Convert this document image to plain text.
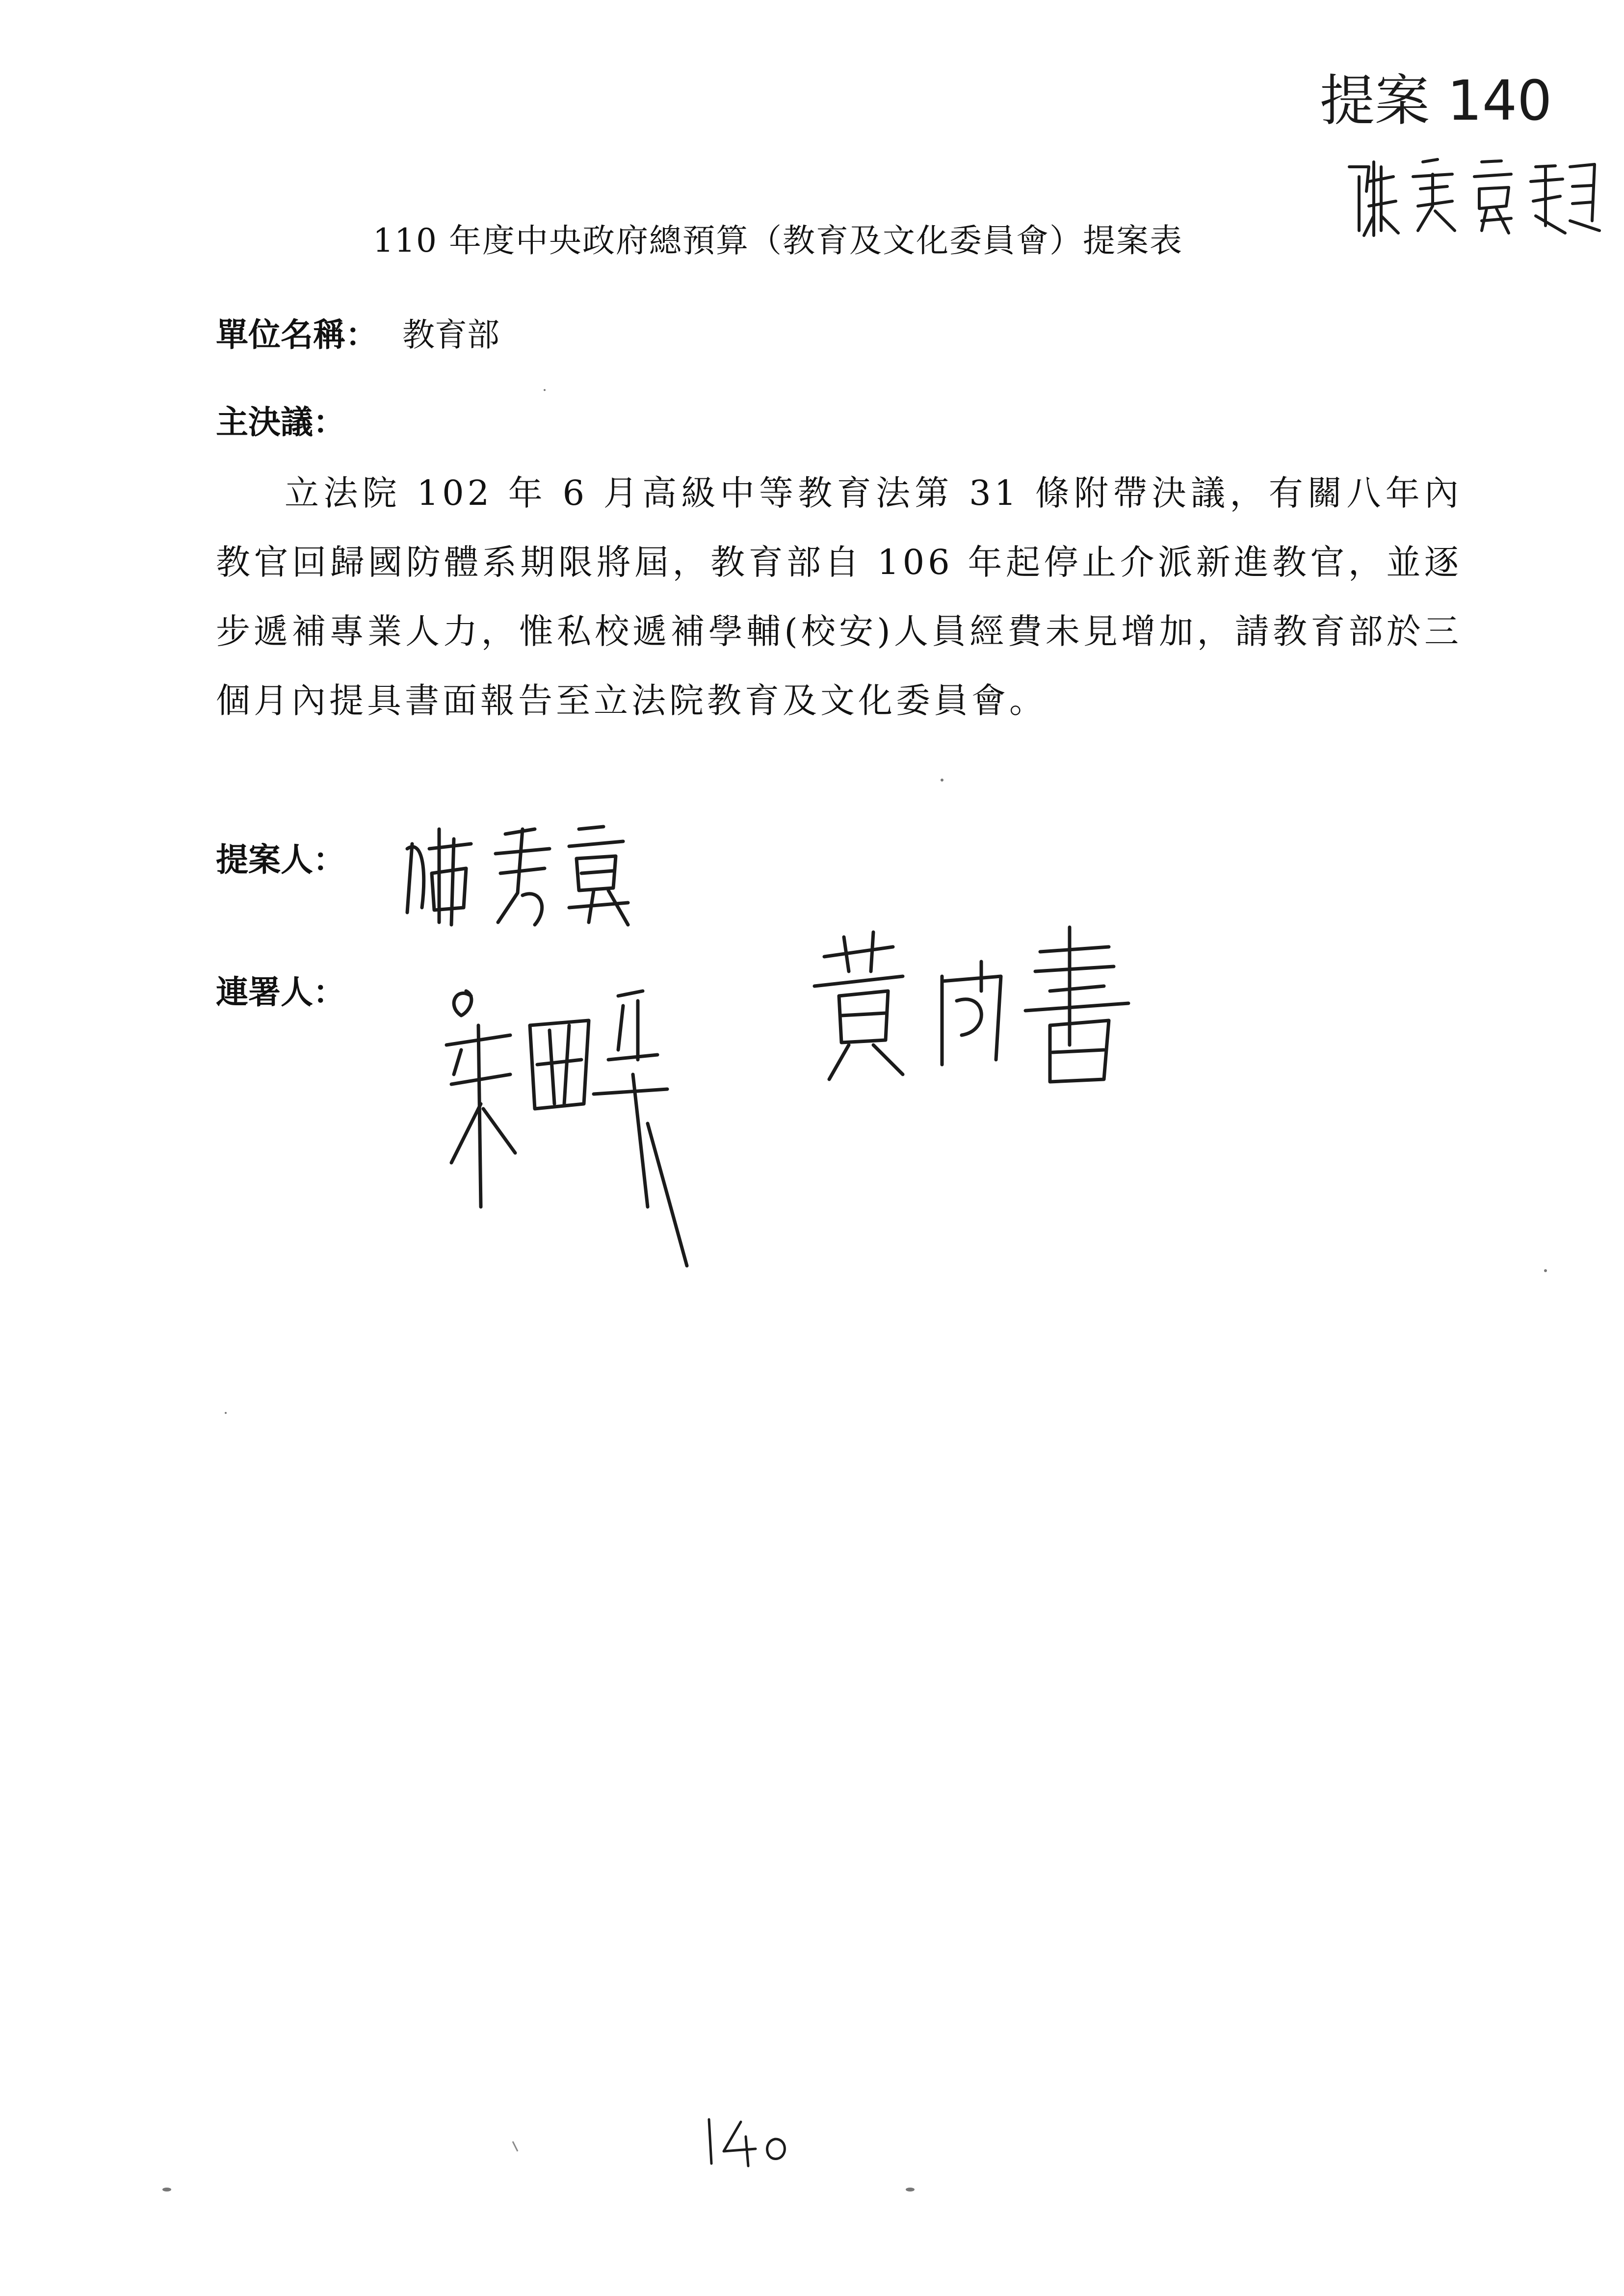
提案 140
110 年度中央政府總預算（教育及文化委員會）提案表
單位名稱： 教育部
主決議：
立法院 102 年 6 月高級中等教育法第 31 條附帶決議，有關八年內教官回歸國防體系期限將屆，教育部自 106 年起停止介派新進教官，並逐步遞補專業人力，惟私校遞補學輔(校安)人員經費未見增加，請教育部於三個月內提具書面報告至立法院教育及文化委員會。
提案人：
連署人：
